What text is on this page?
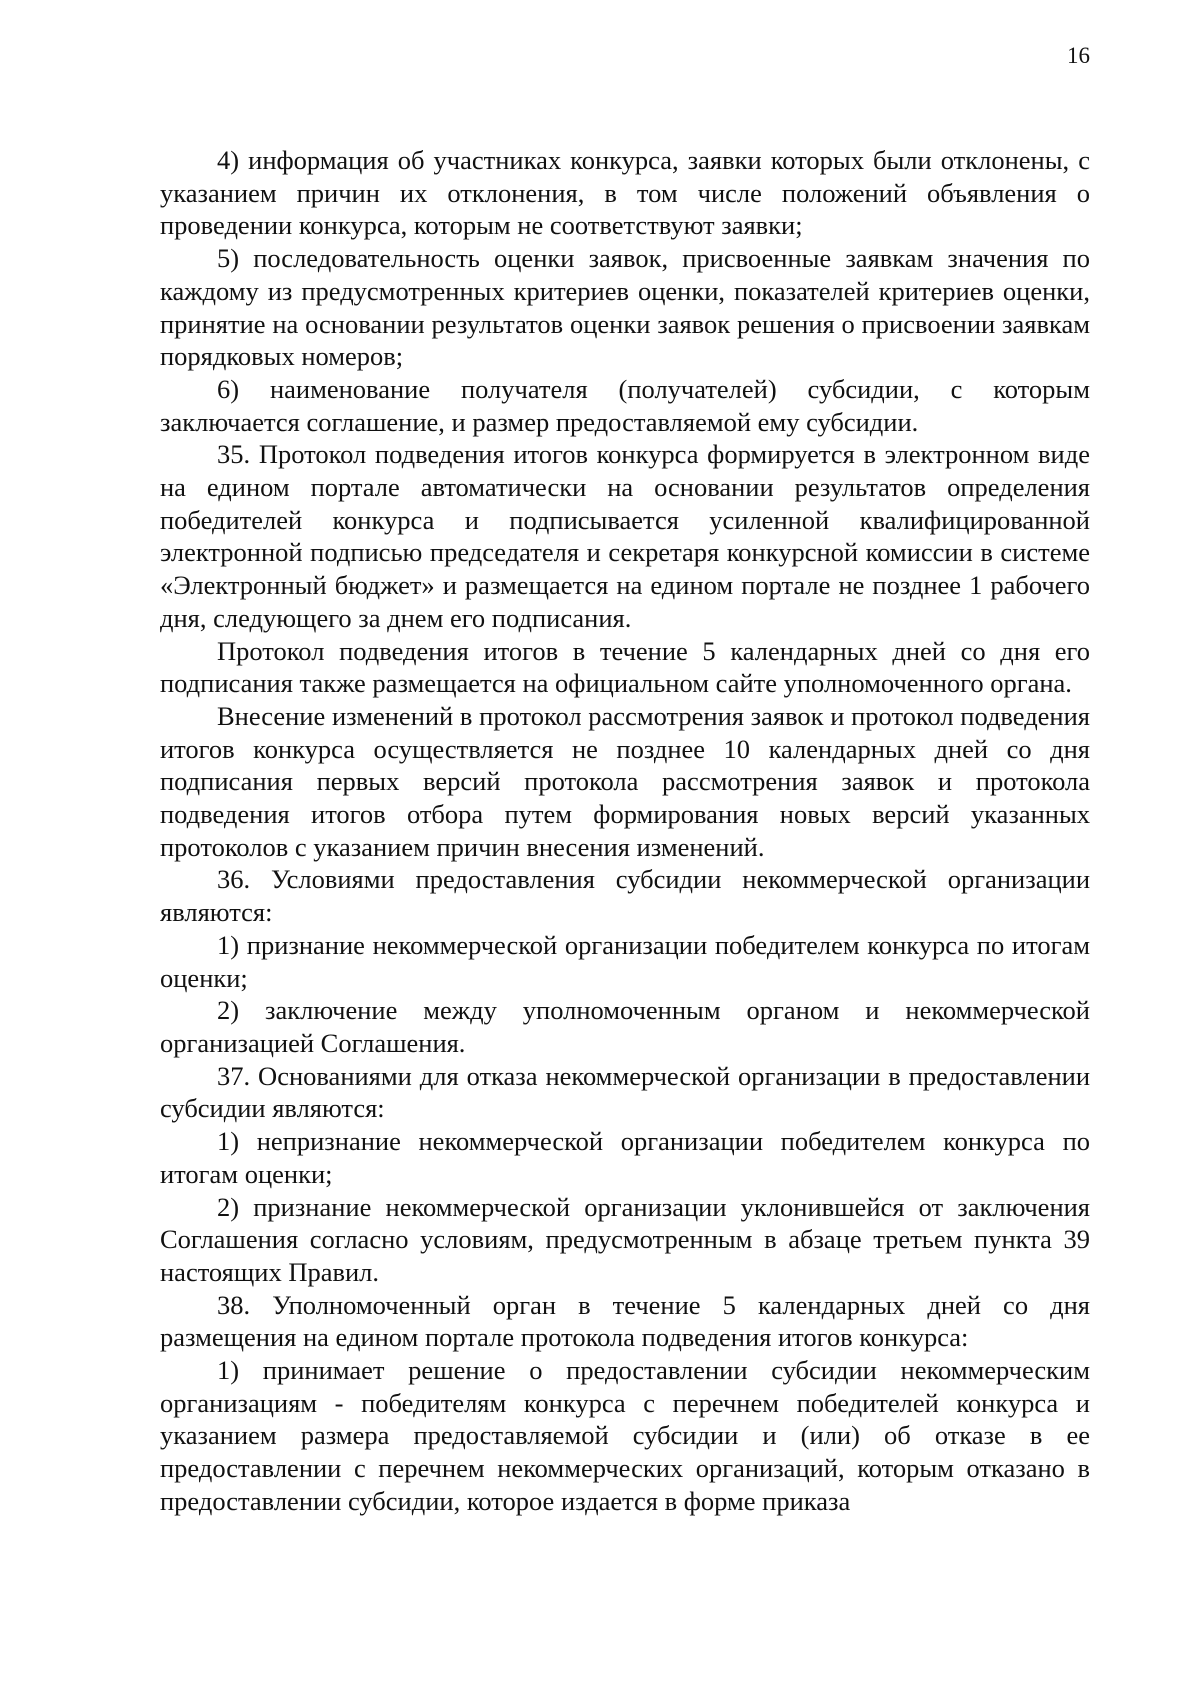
16

4) информация об участниках конкурса, заявки которых были отклонены, с указанием причин их отклонения, в том числе положений объявления о проведении конкурса, которым не соответствуют заявки;

5) последовательность оценки заявок, присвоенные заявкам значения по каждому из предусмотренных критериев оценки, показателей критериев оценки, принятие на основании результатов оценки заявок решения о присвоении заявкам порядковых номеров;

6) наименование получателя (получателей) субсидии, с которым заключается соглашение, и размер предоставляемой ему субсидии.

35. Протокол подведения итогов конкурса формируется в электронном виде на едином портале автоматически на основании результатов определения победителей конкурса и подписывается усиленной квалифицированной электронной подписью председателя и секретаря конкурсной комиссии в системе «Электронный бюджет» и размещается на едином портале не позднее 1 рабочего дня, следующего за днем его подписания.

Протокол подведения итогов в течение 5 календарных дней со дня его подписания также размещается на официальном сайте уполномоченного органа.

Внесение изменений в протокол рассмотрения заявок и протокол подведения итогов конкурса осуществляется не позднее 10 календарных дней со дня подписания первых версий протокола рассмотрения заявок и протокола подведения итогов отбора путем формирования новых версий указанных протоколов с указанием причин внесения изменений.

36. Условиями предоставления субсидии некоммерческой организации являются:

1) признание некоммерческой организации победителем конкурса по итогам оценки;

2) заключение между уполномоченным органом и некоммерческой организацией Соглашения.

37. Основаниями для отказа некоммерческой организации в предоставлении субсидии являются:

1) непризнание некоммерческой организации победителем конкурса по итогам оценки;

2) признание некоммерческой организации уклонившейся от заключения Соглашения согласно условиям, предусмотренным в абзаце третьем пункта 39 настоящих Правил.

38. Уполномоченный орган в течение 5 календарных дней со дня размещения на едином портале протокола подведения итогов конкурса:

1) принимает решение о предоставлении субсидии некоммерческим организациям - победителям конкурса с перечнем победителей конкурса и указанием размера предоставляемой субсидии и (или) об отказе в ее предоставлении с перечнем некоммерческих организаций, которым отказано в предоставлении субсидии, которое издается в форме приказа
